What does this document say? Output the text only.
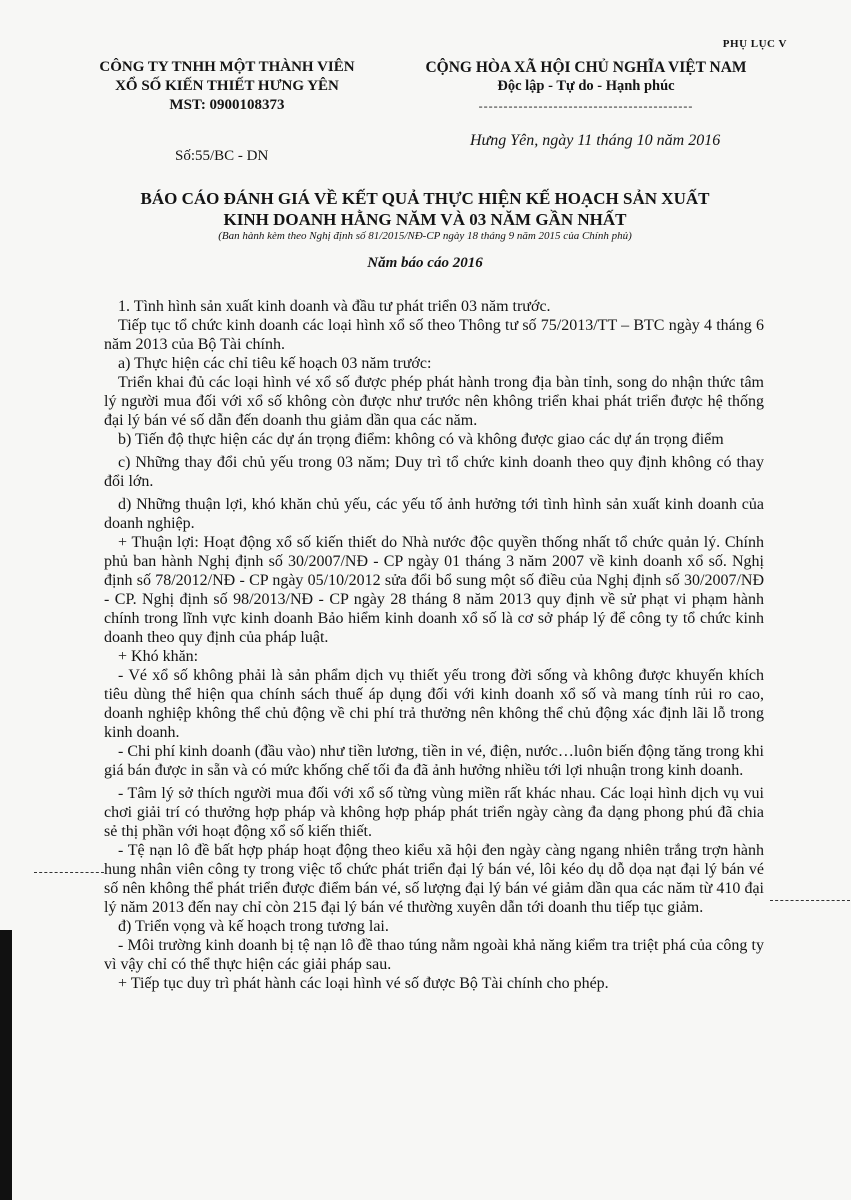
PHỤ LỤC V
CÔNG TY TNHH MỘT THÀNH VIÊN
XỔ SỐ KIẾN THIẾT HƯNG YÊN
MST: 0900108373
CỘNG HÒA XÃ HỘI CHỦ NGHĨA VIỆT NAM
Độc lập - Tự do - Hạnh phúc
-------------------------------------------
Số:55/BC - DN
Hưng Yên, ngày 11 tháng 10 năm 2016
BÁO CÁO ĐÁNH GIÁ VỀ KẾT QUẢ THỰC HIỆN KẾ HOẠCH SẢN XUẤT
KINH DOANH HẰNG NĂM VÀ 03 NĂM GẦN NHẤT
(Ban hành kèm theo Nghị định số 81/2015/NĐ-CP ngày 18 tháng 9 năm 2015 của Chính phủ)
Năm báo cáo 2016

1. Tình hình sản xuất kinh doanh và đầu tư phát triển 03 năm trước.

Tiếp tục tổ chức kinh doanh các loại hình xổ số theo Thông tư số 75/2013/TT – BTC ngày 4 tháng 6 năm 2013 của Bộ Tài chính.

a) Thực hiện các chỉ tiêu kế hoạch 03 năm trước:

Triển khai đủ các loại hình vé xổ số được phép phát hành trong địa bàn tỉnh, song do nhận thức tâm lý người mua đối với xổ số không còn được như trước nên không triển khai phát triển được hệ thống đại lý bán vé số dẫn đến doanh thu giảm dần qua các năm.

b) Tiến độ thực hiện các dự án trọng điểm: không có và không được giao các dự án trọng điểm

c) Những thay đổi chủ yếu trong 03 năm; Duy trì tổ chức kinh doanh theo quy định không có thay đổi lớn.

d) Những thuận lợi, khó khăn chủ yếu, các yếu tố ảnh hưởng tới tình hình sản xuất kinh doanh của doanh nghiệp.

+ Thuận lợi: Hoạt động xổ số kiến thiết do Nhà nước độc quyền thống nhất tổ chức quản lý. Chính phủ ban hành Nghị định số 30/2007/NĐ - CP ngày 01 tháng 3 năm 2007 về kinh doanh xổ số. Nghị định số 78/2012/NĐ - CP ngày 05/10/2012 sửa đổi bổ sung một số điều của Nghị định số 30/2007/NĐ - CP. Nghị định số 98/2013/NĐ - CP ngày 28 tháng 8 năm 2013 quy định về sử phạt vi phạm hành chính trong lĩnh vực kinh doanh Bảo hiểm kinh doanh xổ số là cơ sở pháp lý để công ty tổ chức kinh doanh theo quy định của pháp luật.

+ Khó khăn:

- Vé xổ số không phải là sản phẩm dịch vụ thiết yếu trong đời sống và không được khuyến khích tiêu dùng thể hiện qua chính sách thuế áp dụng đối với kinh doanh xổ số và mang tính rủi ro cao, doanh nghiệp không thể chủ động về chi phí trả thưởng nên không thể chủ động xác định lãi lỗ trong kinh doanh.

- Chi phí kinh doanh (đầu vào) như tiền lương, tiền in vé, điện, nước…luôn biến động tăng trong khi giá bán được in sẵn và có mức khống chế tối đa đã ảnh hưởng nhiều tới lợi nhuận trong kinh doanh.

- Tâm lý sở thích người mua đối với xổ số từng vùng miền rất khác nhau. Các loại hình dịch vụ vui chơi giải trí có thưởng hợp pháp và không hợp pháp phát triển ngày càng đa dạng phong phú đã chia sẻ thị phần với hoạt động xổ số kiến thiết.

- Tệ nạn lô đề bất hợp pháp hoạt động theo kiểu xã hội đen ngày càng ngang nhiên trắng trợn hành hung nhân viên công ty trong việc tổ chức phát triển đại lý bán vé, lôi kéo dụ dỗ dọa nạt đại lý bán vé số nên không thể phát triển được điểm bán vé, số lượng đại lý bán vé giảm dần qua các năm từ 410 đại lý năm 2013 đến nay chỉ còn 215 đại lý bán vé thường xuyên dẫn tới doanh thu tiếp tục giảm.

đ) Triển vọng và kế hoạch trong tương lai.

- Môi trường kinh doanh bị tệ nạn lô đề thao túng nằm ngoài khả năng kiểm tra triệt phá của công ty vì vậy chỉ có thể thực hiện các giải pháp sau.

+ Tiếp tục duy trì phát hành các loại hình vé số được Bộ Tài chính cho phép.
